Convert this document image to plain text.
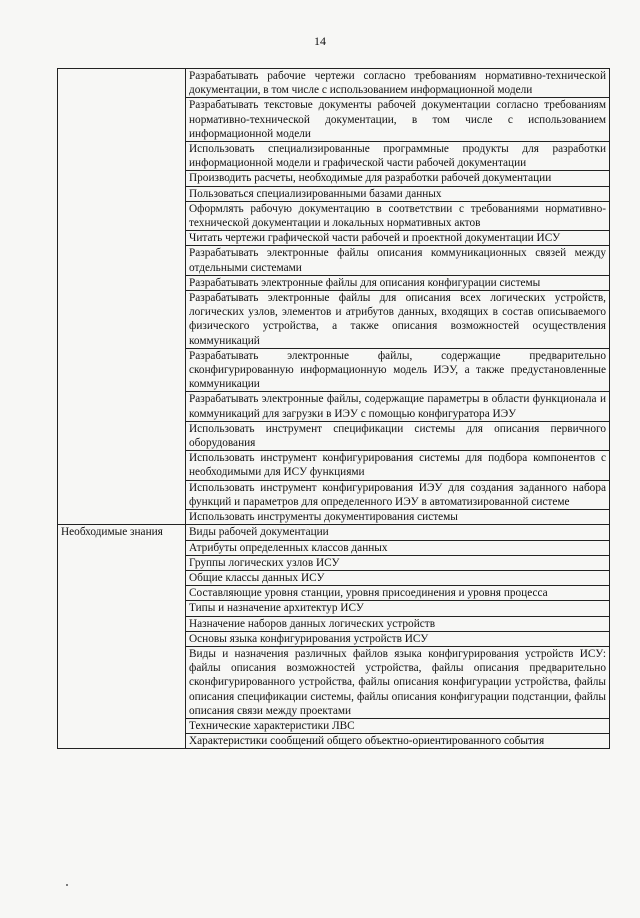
14
	Разрабатывать рабочие чертежи согласно требованиям нормативно-технической документации, в том числе с использованием информационной модели
	Разрабатывать текстовые документы рабочей документации согласно требованиям нормативно-технической документации, в том числе с использованием информационной модели
	Использовать специализированные программные продукты для разработки информационной модели и графической части рабочей документации
	Производить расчеты, необходимые для разработки рабочей документации
	Пользоваться специализированными базами данных
	Оформлять рабочую документацию в соответствии с требованиями нормативно-технической документации и локальных нормативных актов
	Читать чертежи графической части рабочей и проектной документации ИСУ
	Разрабатывать электронные файлы описания коммуникационных связей между отдельными системами
	Разрабатывать электронные файлы для описания конфигурации системы
	Разрабатывать электронные файлы для описания всех логических устройств, логических узлов, элементов и атрибутов данных, входящих в состав описываемого физического устройства, а также описания возможностей осуществления коммуникаций
	Разрабатывать электронные файлы, содержащие предварительно сконфигурированную информационную модель ИЭУ, а также предустановленные коммуникации
	Разрабатывать электронные файлы, содержащие параметры в области функционала и коммуникаций для загрузки в ИЭУ с помощью конфигуратора ИЭУ
	Использовать инструмент спецификации системы для описания первичного оборудования
	Использовать инструмент конфигурирования системы для подбора компонентов с необходимыми для ИСУ функциями
	Использовать инструмент конфигурирования ИЭУ для создания заданного набора функций и параметров для определенного ИЭУ в автоматизированной системе
	Использовать инструменты документирования системы
Необходимые знания	Виды рабочей документации
	Атрибуты определенных классов данных
	Группы логических узлов ИСУ
	Общие классы данных ИСУ
	Составляющие уровня станции, уровня присоединения и уровня процесса
	Типы и назначение архитектур ИСУ
	Назначение наборов данных логических устройств
	Основы языка конфигурирования устройств ИСУ
	Виды и назначения различных файлов языка конфигурирования устройств ИСУ: файлы описания возможностей устройства, файлы описания предварительно сконфигурированного устройства, файлы описания конфигурации устройства, файлы описания спецификации системы, файлы описания конфигурации подстанции, файлы описания связи между проектами
	Технические характеристики ЛВС
	Характеристики сообщений общего объектно-ориентированного события
